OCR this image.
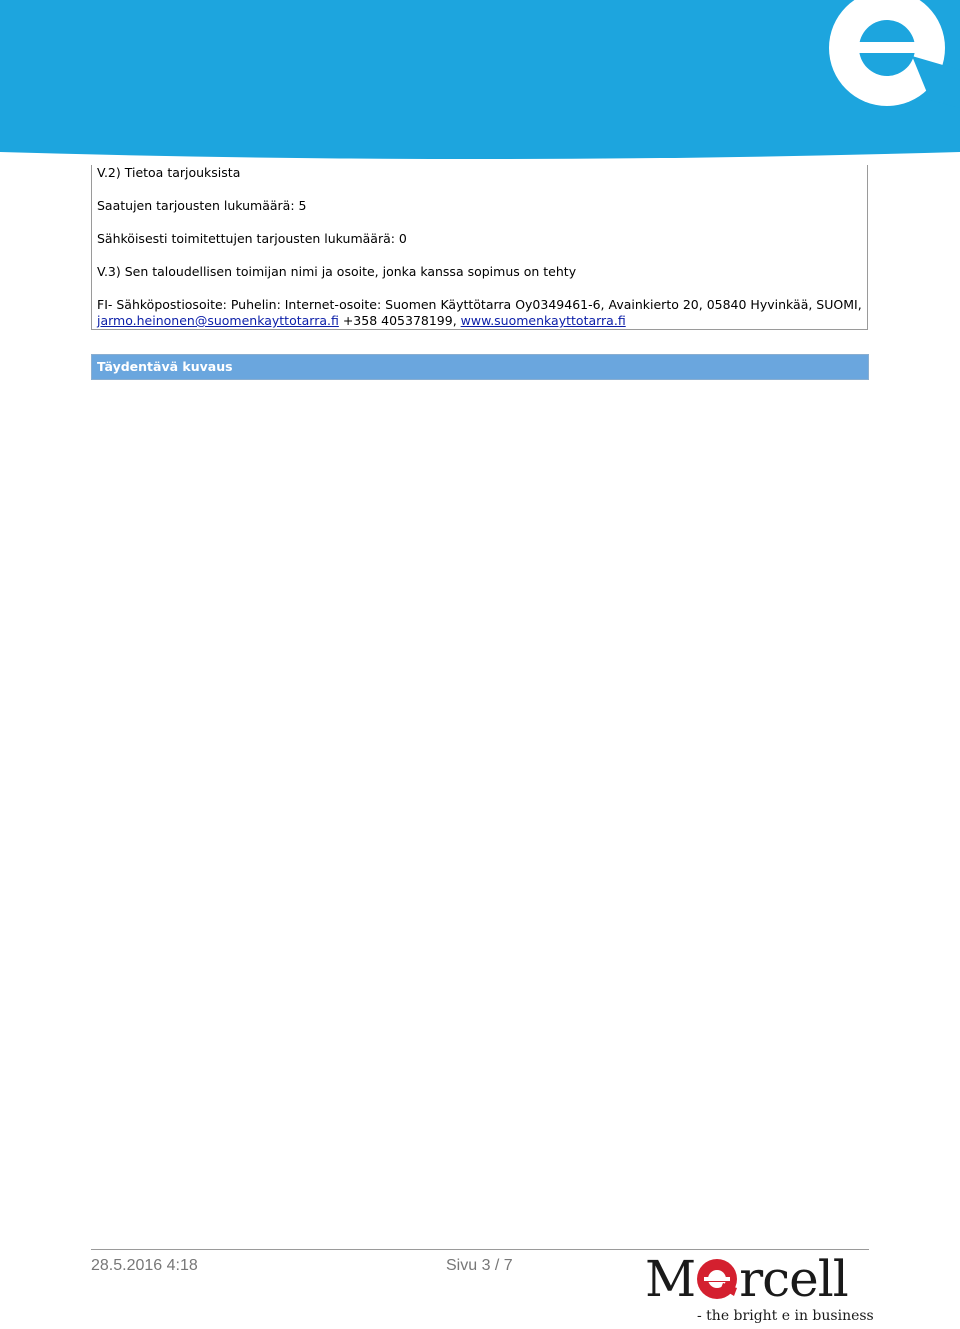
V.2) Tietoa tarjouksista
Saatujen tarjousten lukumäärä: 5
Sähköisesti toimitettujen tarjousten lukumäärä: 0
V.3) Sen taloudellisen toimijan nimi ja osoite, jonka kanssa sopimus on tehty
FI- Sähköpostiosoite: Puhelin: Internet-osoite: Suomen Käyttötarra Oy0349461-6, Avainkierto 20, 05840 Hyvinkää, SUOMI,
jarmo.heinonen@suomenkayttotarra.fi +358 405378199, www.suomenkayttotarra.fi
Täydentävä kuvaus
28.5.2016 4:18	Sivu 3 / 7	M rcell
- the bright e in business
